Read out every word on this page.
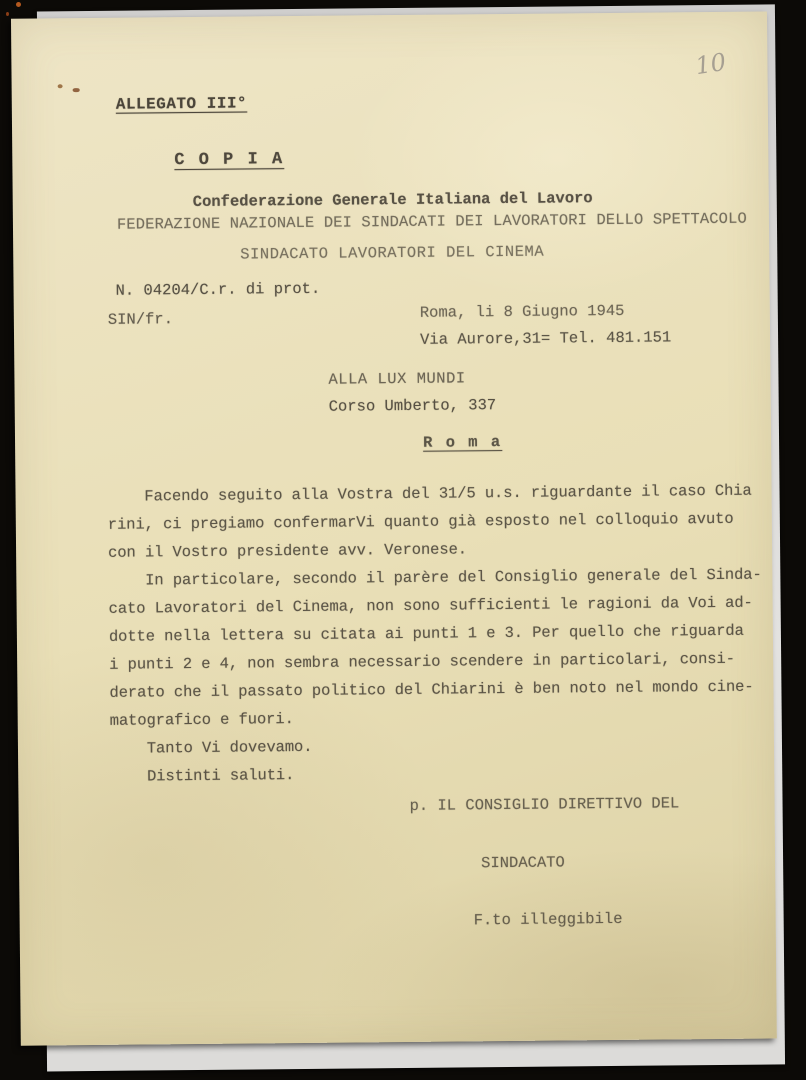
10
ALLEGATO III°
C O P I A
Confederazione Generale Italiana del Lavoro
FEDERAZIONE NAZIONALE DEI SINDACATI DEI LAVORATORI DELLO SPETTACOLO
SINDACATO LAVORATORI DEL CINEMA
N. 04204/C.r. di prot.
SIN/fr.	Roma, li 8 Giugno 1945
Via Aurore,31= Tel. 481.151
ALLA LUX MUNDI
Corso Umberto, 337
R o m a
Facendo seguito alla Vostra del 31/5 u.s. riguardante il caso Chia
rini, ci pregiamo confermarVi quanto già esposto nel colloquio avuto
con il Vostro presidente avv. Veronese.
In particolare, secondo il parère del Consiglio generale del Sinda-
cato Lavoratori del Cinema, non sono sufficienti le ragioni da Voi ad-
dotte nella lettera su citata ai punti 1 e 3. Per quello che riguarda
i punti 2 e 4, non sembra necessario scendere in particolari, consi-
derato che il passato politico del Chiarini è ben noto nel mondo cine-
matografico e fuori.
Tanto Vi dovevamo.
Distinti saluti.

p. IL CONSIGLIO DIRETTIVO DEL

SINDACATO

F.to illeggibile
